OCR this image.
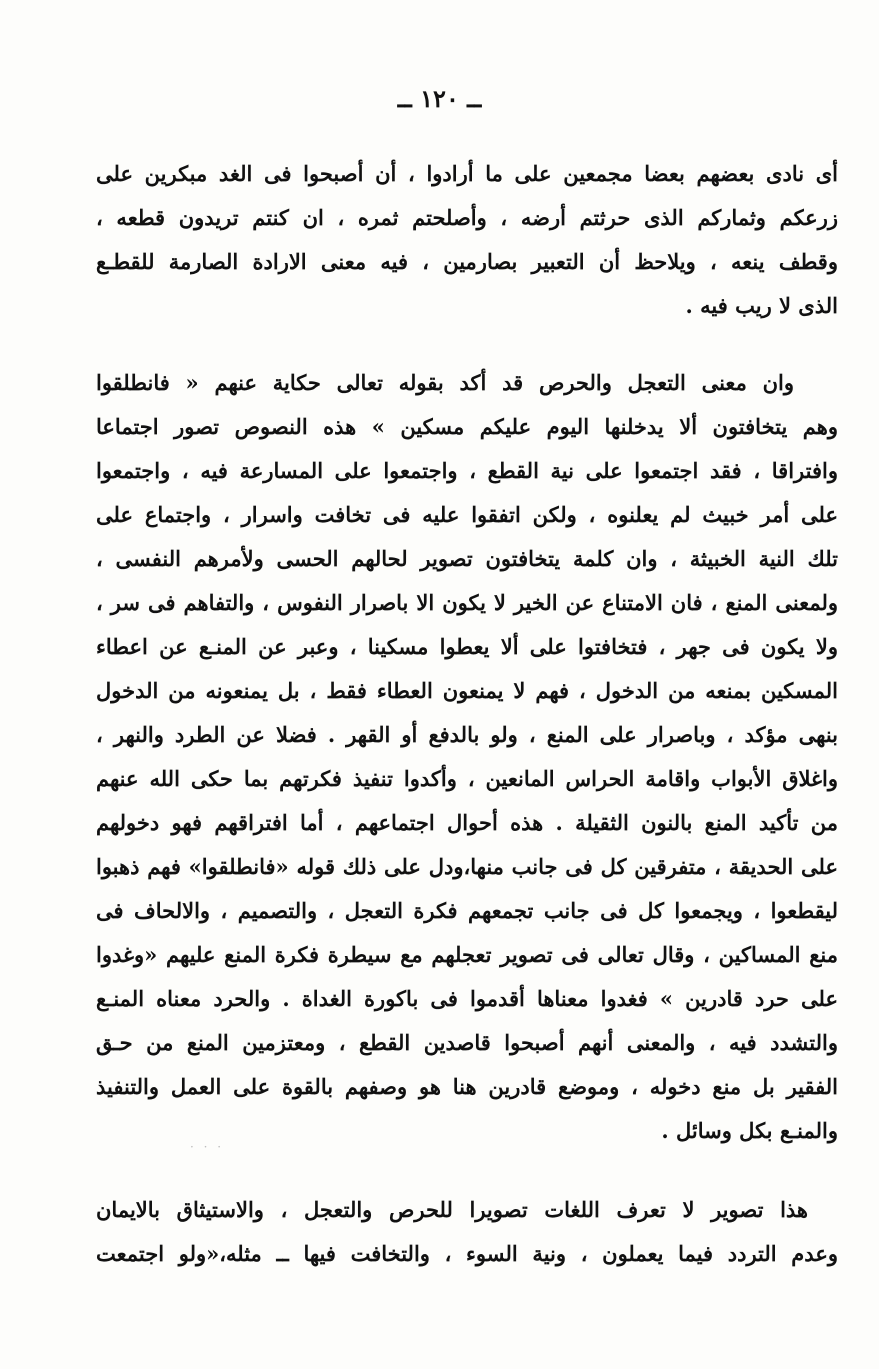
ــ ١٢٠ ــ
أى نادى بعضهم بعضا مجمعين على ما أرادوا ، أن أصبحوا فى الغد مبكرين على
زرعكم وثماركم الذى حرثتم أرضه ، وأصلحتم ثمره ، ان كنتم تريدون قطعه ،
وقطف ينعه ، ويلاحظ أن التعبير بصارمين ، فيه معنى الارادة الصارمة للقطـع
الذى لا ريب فيه .
وان معنى التعجل والحرص قد أكد بقوله تعالى حكاية عنهم « فانطلقوا
وهم يتخافتون ألا يدخلنها اليوم عليكم مسكين » هذه النصوص تصور اجتماعا
وافتراقا ، فقد اجتمعوا على نية القطع ، واجتمعوا على المسارعة فيه ، واجتمعوا
على أمر خبيث لم يعلنوه ، ولكن اتفقوا عليه فى تخافت واسرار ، واجتماع على
تلك النية الخبيثة ، وان كلمة يتخافتون تصوير لحالهم الحسى ولأمرهم النفسى ،
ولمعنى المنع ، فان الامتناع عن الخير لا يكون الا باصرار النفوس ، والتفاهم فى سر ،
ولا يكون فى جهر ، فتخافتوا على ألا يعطوا مسكينا ، وعبر عن المنـع عن اعطاء
المسكين بمنعه من الدخول ، فهم لا يمنعون العطاء فقط ، بل يمنعونه من الدخول
بنهى مؤكد ، وباصرار على المنع ، ولو بالدفع أو القهر . فضلا عن الطرد والنهر ،
واغلاق الأبواب واقامة الحراس المانعين ، وأكدوا تنفيذ فكرتهم بما حكى الله عنهم
من تأكيد المنع بالنون الثقيلة . هذه أحوال اجتماعهم ، أما افتراقهم فهو دخولهم
على الحديقة ، متفرقين كل فى جانب منها،ودل على ذلك قوله «فانطلقوا» فهم ذهبوا
ليقطعوا ، ويجمعوا كل فى جانب تجمعهم فكرة التعجل ، والتصميم ، والالحاف فى
منع المساكين ، وقال تعالى فى تصوير تعجلهم مع سيطرة فكرة المنع عليهم «وغدوا
على حرد قادرين » فغدوا معناها أقدموا فى باكورة الغداة . والحرد معناه المنـع
والتشدد فيه ، والمعنى أنهم أصبحوا قاصدين القطع ، ومعتزمين المنع من حـق
الفقير بل منع دخوله ، وموضع قادرين هنا هو وصفهم بالقوة على العمل والتنفيذ
والمنـع بكل وسائل .
· · ·
هذا تصوير لا تعرف اللغات تصويرا للحرص والتعجل ، والاستيثاق بالايمان
وعدم التردد فيما يعملون ، ونية السوء ، والتخافت فيها ــ مثله،«ولو اجتمعت
